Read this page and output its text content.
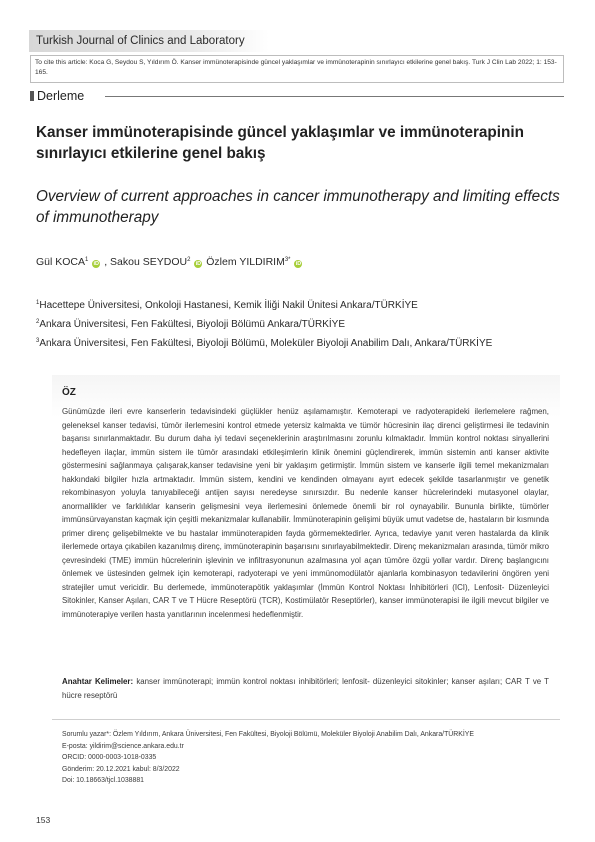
Turkish Journal of Clinics and Laboratory
To cite this article: Koca G, Seydou S, Yıldırım Ö. Kanser immünoterapisinde güncel yaklaşımlar ve immünoterapinin sınırlayıcı etkilerine genel bakış. Turk J Clin Lab 2022; 1: 153-165.
Derleme
Kanser immünoterapisinde güncel yaklaşımlar ve immünoterapinin sınırlayıcı etkilerine genel bakış
Overview of current approaches in cancer immunotherapy and limiting effects of immunotherapy
Gül KOCA$^1$ iD , Sakou SEYDOU$^2$ iD Özlem $YILDIRIM^{3*}$ iD
$^1$Hacettepe Üniversitesi, Onkoloji Hastanesi, Kemik İliği Nakil Ünitesi Ankara/TÜRKİYE
$^2$Ankara Üniversitesi, Fen Fakültesi, Biyoloji Bölümü Ankara/TÜRKİYE
$^3$Ankara Üniversitesi, Fen Fakültesi, Biyoloji Bölümü, Moleküler Biyoloji Anabilim Dalı, Ankara/TÜRKİYE
ÖZ
Günümüzde ileri evre kanserlerin tedavisindeki güçlükler henüz aşılamamıştır. Kemoterapi ve radyoterapideki ilerlemelere rağmen, geleneksel kanser tedavisi, tümör ilerlemesini kontrol etmede yetersiz kalmakta ve tümör hücresinin ilaç direnci geliştirmesi ile tedavinin başarısı sınırlanmaktadır. Bu durum daha iyi tedavi seçeneklerinin araştırılmasını zorunlu kılmaktadır. İmmün kontrol noktası sinyallerini hedefleyen ilaçlar, immün sistem ile tümör arasındaki etkileşimlerin klinik önemini güçlendirerek, immün sistemin anti kanser aktivite göstermesini sağlanmaya çalışarak,kanser tedavisine yeni bir yaklaşım getirmiştir. İmmün sistem ve kanserle ilgili temel mekanizmaları hakkındaki bilgiler hızla artmaktadır. İmmün sistem, kendini ve kendinden olmayanı ayırt edecek şekilde tasarlanmıştır ve genetik rekombinasyon yoluyla tanıyabileceği antijen sayısı neredeyse sınırsızdır. Bu nedenle kanser hücrelerindeki mutasyonel olaylar, anormallikler ve farklılıklar kanserin gelişmesini veya ilerlemesini önlemede önemli bir rol oynayabilir. Bununla birlikte, tümörler immünsürvayanstan kaçmak için çeşitli mekanizmalar kullanabilir. İmmünoterapinin gelişimi büyük umut vadetse de, hastaların bir kısmında primer direnç gelişebilmekte ve bu hastalar immünoterapiden fayda görmemektedirler. Ayrıca, tedaviye yanıt veren hastalarda da klinik ilerlemede ortaya çıkabilen kazanılmış direnç, immünoterapinin başarısını sınırlayabilmektedir. Direnç mekanizmaları arasında, tümör mikro çevresindeki (TME) immün hücrelerinin işlevinin ve infiltrasyonunun azalmasına yol açan tümöre özgü yollar vardır. Direnç başlangıcını önlemek ve üstesinden gelmek için kemoterapi, radyoterapi ve yeni immünomodülatör ajanlarla kombinasyon tedavilerini öngören yeni stratejiler umut vericidir. Bu derlemede, immünoterapötik yaklaşımlar (İmmün Kontrol Noktası İnhibitörleri (ICI), Lenfosit- Düzenleyici Sitokinler, Kanser Aşıları, CAR T ve T Hücre Reseptörü (TCR), Kostimülatör Reseptörler), kanser immünoterapisi ile ilgili mevcut bilgiler ve immünoterapiye verilen hasta yanıtlarının incelenmesi hedeflenmiştir.
Anahtar Kelimeler: kanser immünoterapi; immün kontrol noktası inhibitörleri; lenfosit- düzenleyici sitokinler; kanser aşıları; CAR T ve T hücre reseptörü
Sorumlu yazar*: Özlem Yıldırım, Ankara Üniversitesi, Fen Fakültesi, Biyoloji Bölümü, Moleküler Biyoloji Anabilim Dalı, Ankara/TÜRKİYE
E-posta: yildirim@science.ankara.edu.tr
ORCID: 0000-0003-1018-0335
Gönderim: 20.12.2021 kabul: 8/3/2022
Doi: 10.18663/tjcl.1038881
153
